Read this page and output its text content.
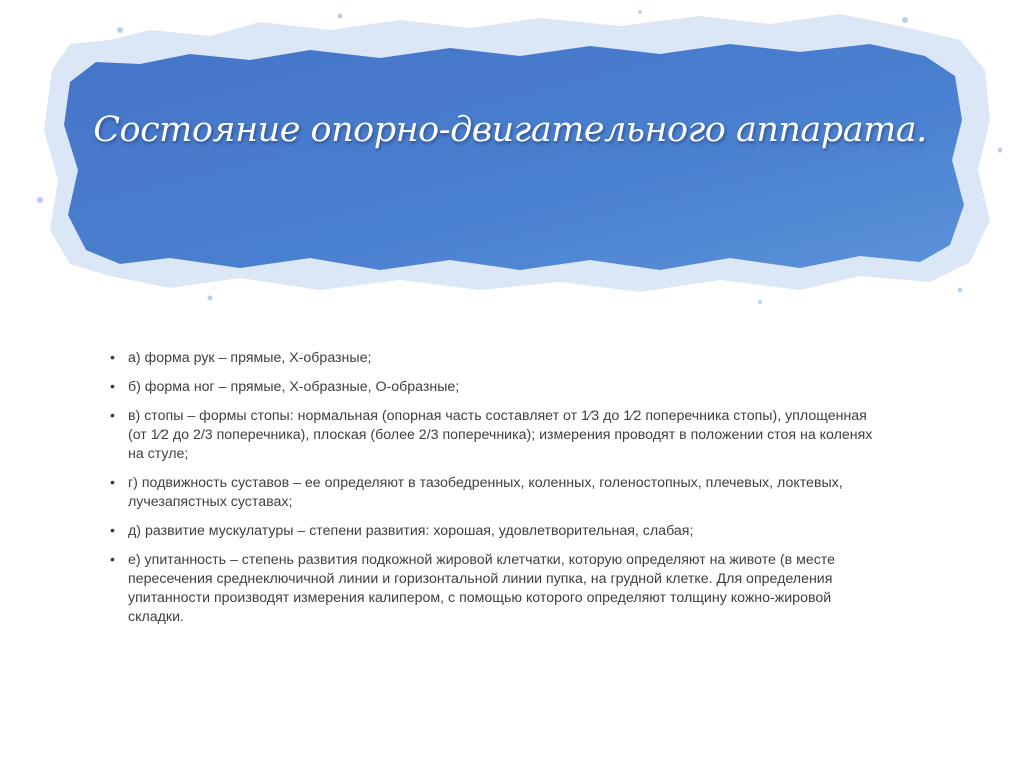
Состояние опорно-двигательного аппарата.
• а) форма рук – прямые, Х-образные;
• б) форма ног – прямые, Х-образные, О-образные;
• в) стопы – формы стопы: нормальная (опорная часть составляет от 1⁄3 до 1⁄2 поперечника стопы), уплощенная (от 1⁄2 до 2/3 поперечника), плоская (более 2/3 поперечника); измерения проводят в положении стоя на коленях на стуле;
• г) подвижность суставов – ее определяют в тазобедренных, коленных, голеностопных, плечевых, локтевых, лучезапястных суставах;
• д) развитие мускулатуры – степени развития: хорошая, удовлетворительная, слабая;
• е) упитанность – степень развития подкожной жировой клетчатки, которую определяют на животе (в месте пересечения среднеключичной линии и горизонтальной линии пупка, на грудной клетке. Для определения упитанности производят измерения калипером, с помощью которого определяют толщину кожно-жировой складки.
